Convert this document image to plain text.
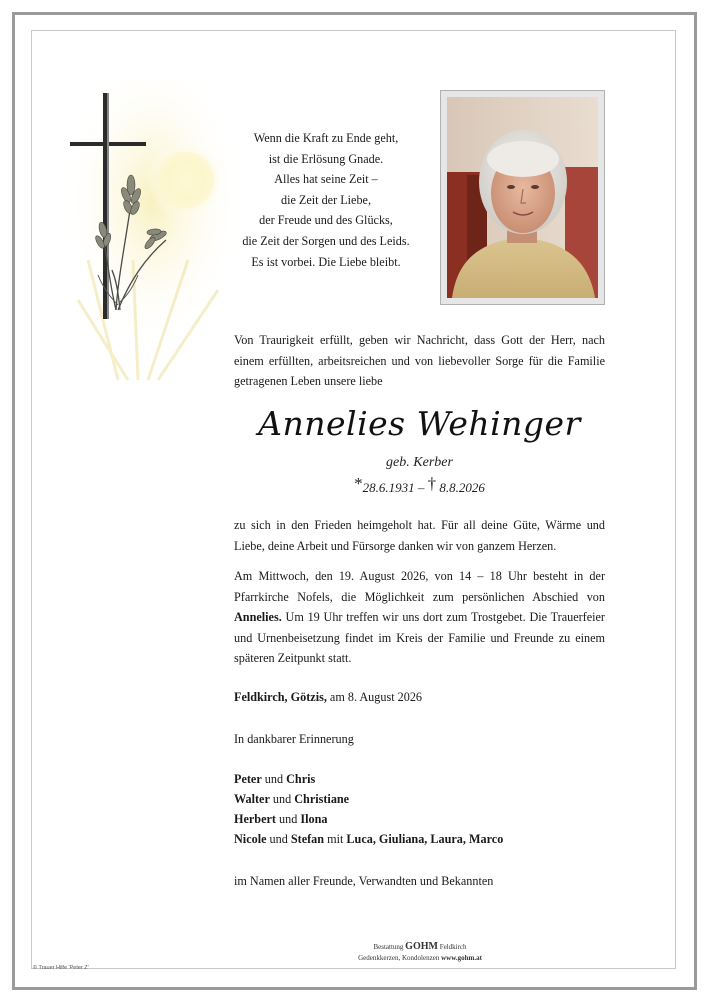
Wenn die Kraft zu Ende geht,
ist die Erlösung Gnade.
Alles hat seine Zeit –
die Zeit der Liebe,
der Freude und des Glücks,
die Zeit der Sorgen und des Leids.
Es ist vorbei. Die Liebe bleibt.
Von Traurigkeit erfüllt, geben wir Nachricht, dass Gott der Herr, nach einem erfüllten, arbeitsreichen und von liebevoller Sorge für die Familie getragenen Leben unsere liebe
Annelies Wehinger
geb. Kerber
*28.6.1931 – † 8.8.2026
zu sich in den Frieden heimgeholt hat. Für all deine Güte, Wärme und Liebe, deine Arbeit und Fürsorge danken wir von ganzem Herzen.
Am Mittwoch, den 19. August 2026, von 14 – 18 Uhr besteht in der Pfarrkirche Nofels, die Möglichkeit zum persönlichen Abschied von Annelies. Um 19 Uhr treffen wir uns dort zum Trostgebet. Die Trauerfeier und Urnenbeisetzung findet im Kreis der Familie und Freunde zu einem späteren Zeitpunkt statt.
Feldkirch, Götzis, am 8. August 2026
In dankbarer Erinnerung
Peter und Chris
Walter und Christiane
Herbert und Ilona
Nicole und Stefan mit Luca, Giuliana, Laura, Marco
im Namen aller Freunde, Verwandten und Bekannten
Bestattung GOHM Feldkirch
Gedenkkerzen, Kondolenzen www.gohm.at
© Trauer Hilfe 'Peter Z'
